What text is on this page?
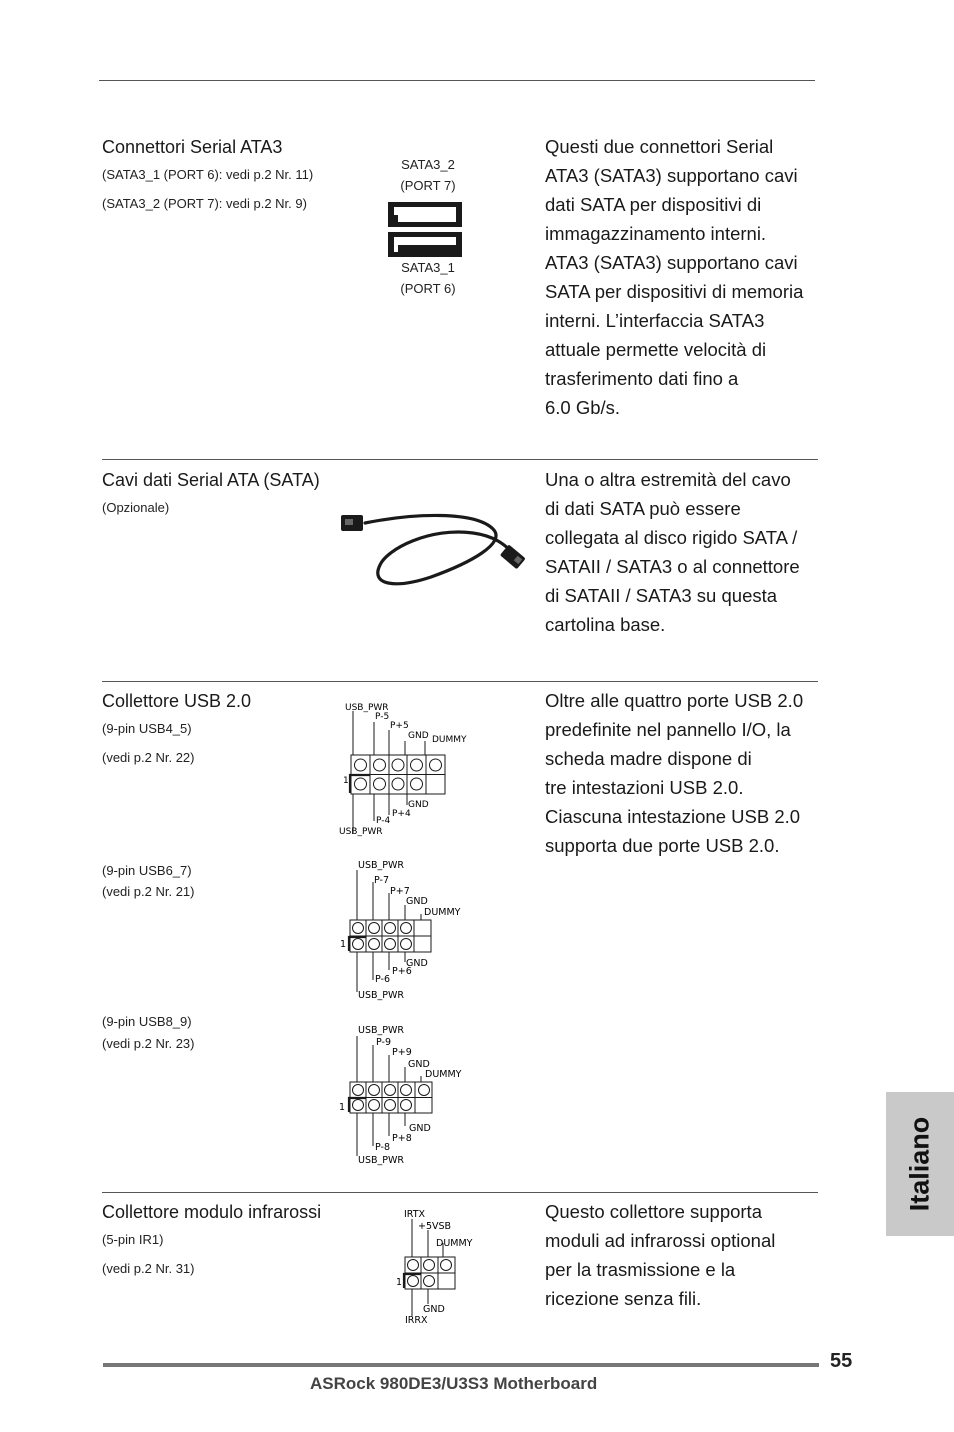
Connettori Serial ATA3
(SATA3_1 (PORT 6): vedi p.2 Nr. 11)
(SATA3_2 (PORT 7): vedi p.2 Nr. 9)
SATA3_2
(PORT 7)
SATA3_1
(PORT 6)
Questi due connettori Serial
ATA3 (SATA3) supportano cavi
dati SATA per dispositivi di
immagazzinamento interni.
ATA3 (SATA3) supportano cavi
SATA per dispositivi di memoria
interni. L’interfaccia SATA3
attuale permette velocità di
trasferimento dati fino a
6.0 Gb/s.
Cavi dati Serial ATA (SATA)
(Opzionale)
Una o altra estremità del cavo
di dati SATA può essere
collegata al disco rigido SATA /
SATAII / SATA3 o al connettore
di SATAII / SATA3 su questa
cartolina base.
Collettore USB 2.0
(9-pin USB4_5)
(vedi p.2 Nr. 22)
USB_PWR
P-5
P+5
GND DUMMY
GND
P+4
P-4
USB_PWR
1
Oltre alle quattro porte USB 2.0
predefinite nel pannello I/O, la
scheda madre dispone di
tre intestazioni USB 2.0.
Ciascuna intestazione USB 2.0
supporta due porte USB 2.0.
(9-pin USB6_7)
(vedi p.2 Nr. 21)
USB_PWR
P-7
P+7
GND
DUMMY
GND
P+6
P-6
USB_PWR
1
(9-pin USB8_9)
(vedi p.2 Nr. 23)
USB_PWR
P-9
P+9
GND
DUMMY
GND
P+8
P-8
USB_PWR
1
Collettore modulo infrarossi
(5-pin IR1)
(vedi p.2 Nr. 31)
IRTX
+5VSB
DUMMY
GND
IRRX
1
Questo collettore supporta
moduli ad infrarossi optional
per la trasmissione e la
ricezione senza fili.
Italiano
55
ASRock 980DE3/U3S3 Motherboard
